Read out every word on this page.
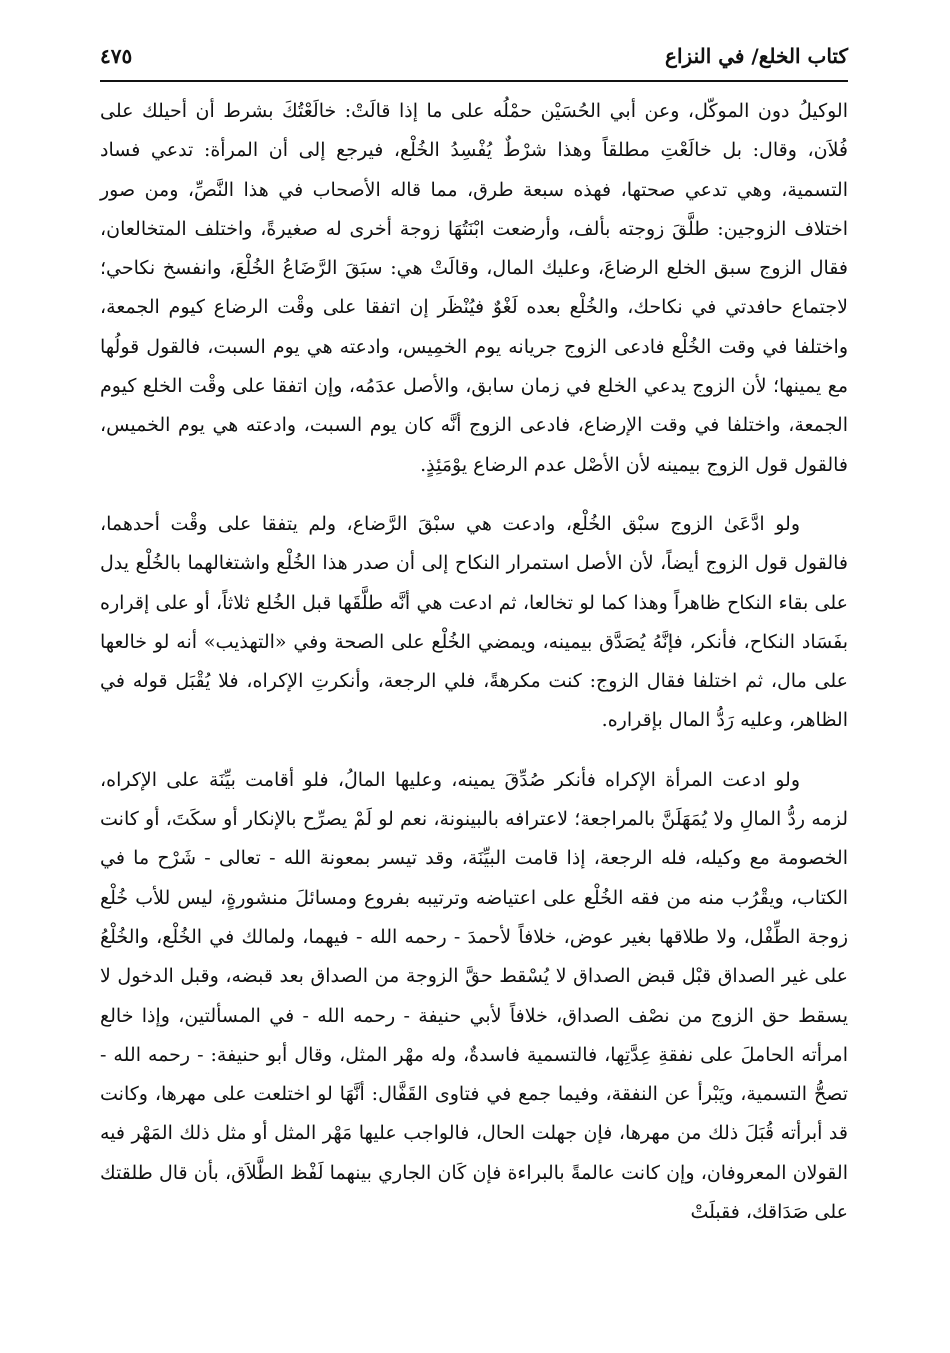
كتاب الخلع/ في النزاع
٤٧٥

الوكيلُ دون الموكّل، وعن أبي الحُسَيْن حمْلُه على ما إذا قالَتْ: خالَعْتُكَ بشرط أن أحيلك على فُلاَن، وقال: بل خالَعْتِ مطلقاً وهذا شرْطٌ يُفْسِدُ الخُلْع، فيرجع إلى أن المرأة: تدعي فساد التسمية، وهي تدعي صحتها، فهذه سبعة طرق، مما قاله الأصحاب في هذا النَّصِّ، ومن صور اختلاف الزوجين: طلَّقَ زوجته بألف، وأرضعت ابْنَتُهَا زوجة أخرى له صغيرةً، واختلف المتخالعان، فقال الزوج سبق الخلع الرضاعَ، وعليك المال، وقالَتْ هي: سبَقَ الرَّضَاعُ الخُلْعَ، وانفسخ نكاحي؛ لاجتماع حافدتي في نكاحك، والخُلْع بعده لَغْوٌ فيُنْظَر إن اتفقا على وقْت الرضاع كيوم الجمعة، واختلفا في وقت الخُلْع فادعى الزوج جريانه يوم الخمِيس، وادعته هي يوم السبت، فالقول قولُها مع يمينها؛ لأن الزوج يدعي الخلع في زمان سابق، والأصل عدَمُه، وإن اتفقا على وقْت الخلع كيوم الجمعة، واختلفا في وقت الإرضاع، فادعى الزوج أنَّه كان يوم السبت، وادعته هي يوم الخميس، فالقول قول الزوج بيمينه لأن الأصْل عدم الرضاع يوْمَئِذٍ.

ولو ادَّعَىٰ الزوج سبْق الخُلْع، وادعت هي سبْقَ الرَّضاع، ولم يتفقا على وقْت أحدهما، فالقول قول الزوج أيضاً، لأن الأصل استمرار النكاح إلى أن صدر هذا الخُلْع واشتغالهما بالخُلْع يدل على بقاء النكاح ظاهراً وهذا كما لو تخالعا، ثم ادعت هي أنَّه طلَّقَها قبل الخُلع ثلاثاً، أو على إقراره بفَسَاد النكاح، فأنكر، فإنَّهُ يُصَدَّق بيمينه، ويمضي الخُلْع على الصحة وفي «التهذيب» أنه لو خالعها على مال، ثم اختلفا فقال الزوج: كنت مكرهةً، فلي الرجعة، وأنكرتِ الإكراه، فلا يُقْبَل قوله في الظاهر، وعليه رَدُّ المال بإقراره.

ولو ادعت المرأة الإكراه فأنكر صُدِّقَ يمينه، وعليها المالُ، فلو أقامت بيِّنَة على الإكراه، لزمه ردُّ المالِ ولا يُمَهَلَنَّ بالمراجعة؛ لاعترافه بالبينونة، نعم لو لَمْ يصرِّح بالإنكار أو سكَتَ، أو كانت الخصومة مع وكيله، فله الرجعة، إذا قامت البيِّنَة، وقد تيسر بمعونة الله - تعالى - شَرْح ما في الكتاب، ويقْرُب منه من فقه الخُلْع على اعتياضه وترتيبه بفروع ومسائلَ منشورةٍ، ليس للأب خُلْع زوجة الطِّفْل، ولا طلاقها بغير عوض، خلافاً لأحمدَ - رحمه الله - فيهما، ولمالك في الخُلْع، والخُلْعُ على غير الصداق قبْل قبض الصداق لا يُسْقط حقَّ الزوجة من الصداق بعد قبضه، وقبل الدخول لا يسقط حق الزوج من نصْف الصداق، خلافاً لأبي حنيفة - رحمه الله - في المسألتين، وإذا خالع امرأته الحاملَ على نفقةِ عِدَّتِها، فالتسمية فاسدةٌ، وله مهْر المثل، وقال أبو حنيفة: - رحمه الله - تصحُّ التسمية، ويَبْرأ عن النفقة، وفيما جمع في فتاوى القَفَّال: أنَّهَا لو اختلعت على مهرها، وكانت قد أبرأته قُبَلَ ذلك من مهرها، فإن جهلت الحال، فالواجب عليها مَهْر المثل أو مثل ذلك المَهْر فيه القولان المعروفان، وإن كانت عالمةً بالبراءة فإن كَان الجاري بينهما لَفْظ الطَّلاَق، بأن قال طلقتك على صَدَاقك، فقبلَتْ
